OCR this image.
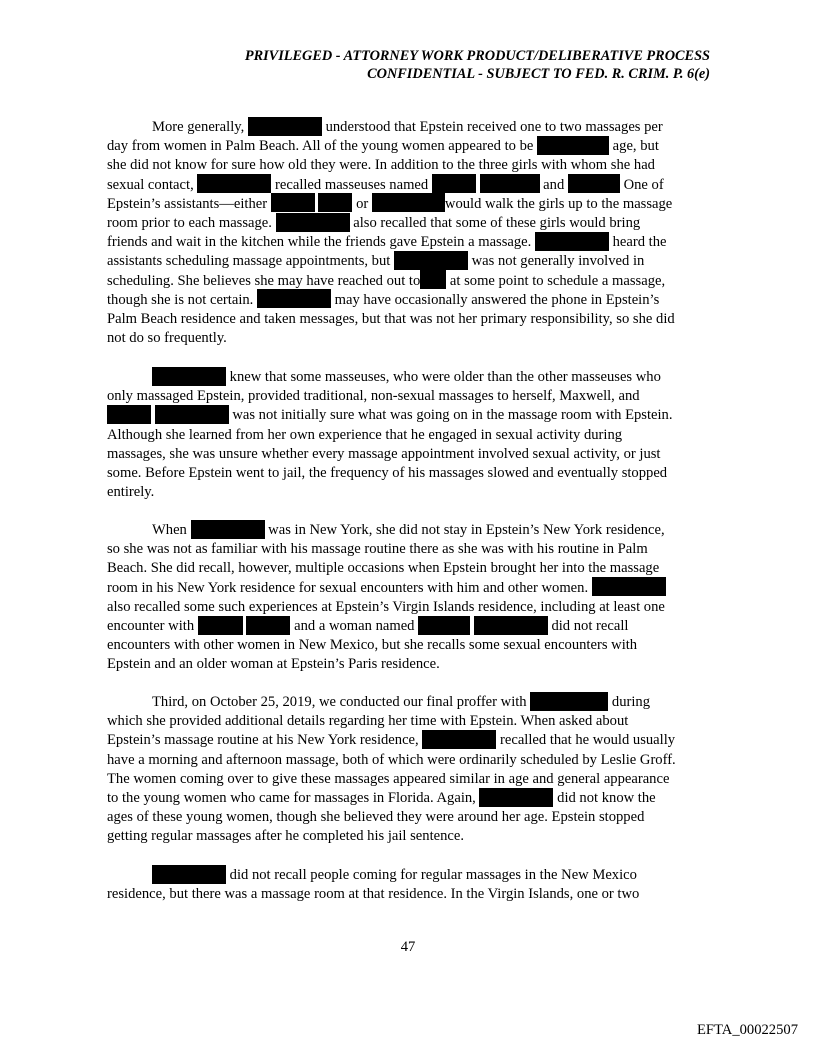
PRIVILEGED - ATTORNEY WORK PRODUCT/DELIBERATIVE PROCESS
CONFIDENTIAL - SUBJECT TO FED. R. CRIM. P. 6(e)
More generally,	understood that Epstein received one to two massages per
day from women in Palm Beach. All of the young women appeared to be	age, but
she did not know for sure how old they were. In addition to the three girls with whom she had
sexual contact,	recalled masseuses named	and	One of
Epstein’s assistants—either	or	would walk the girls up to the massage
room prior to each massage.	also recalled that some of these girls would bring
friends and wait in the kitchen while the friends gave Epstein a massage.	heard the
assistants scheduling massage appointments, but	was not generally involved in
scheduling. She believes she may have reached out to at some point to schedule a massage,
though she is not certain.	may have occasionally answered the phone in Epstein’s
Palm Beach residence and taken messages, but that was not her primary responsibility, so she did
not do so frequently.
knew that some masseuses, who were older than the other masseuses who
only massaged Epstein, provided traditional, non-sexual massages to herself, Maxwell, and
was not initially sure what was going on in the massage room with Epstein.
Although she learned from her own experience that he engaged in sexual activity during
massages, she was unsure whether every massage appointment involved sexual activity, or just
some. Before Epstein went to jail, the frequency of his massages slowed and eventually stopped
entirely.
When	was in New York, she did not stay in Epstein’s New York residence,
so she was not as familiar with his massage routine there as she was with his routine in Palm
Beach. She did recall, however, multiple occasions when Epstein brought her into the massage
room in his New York residence for sexual encounters with him and other women.
also recalled some such experiences at Epstein’s Virgin Islands residence, including at least one
encounter with	and a woman named	did not recall
encounters with other women in New Mexico, but she recalls some sexual encounters with
Epstein and an older woman at Epstein’s Paris residence.
Third, on October 25, 2019, we conducted our final proffer with	during
which she provided additional details regarding her time with Epstein. When asked about
Epstein’s massage routine at his New York residence,	recalled that he would usually
have a morning and afternoon massage, both of which were ordinarily scheduled by Leslie Groff.
The women coming over to give these massages appeared similar in age and general appearance
to the young women who came for massages in Florida. Again,	did not know the
ages of these young women, though she believed they were around her age. Epstein stopped
getting regular massages after he completed his jail sentence.
did not recall people coming for regular massages in the New Mexico
residence, but there was a massage room at that residence. In the Virgin Islands, one or two
47
EFTA_00022507
